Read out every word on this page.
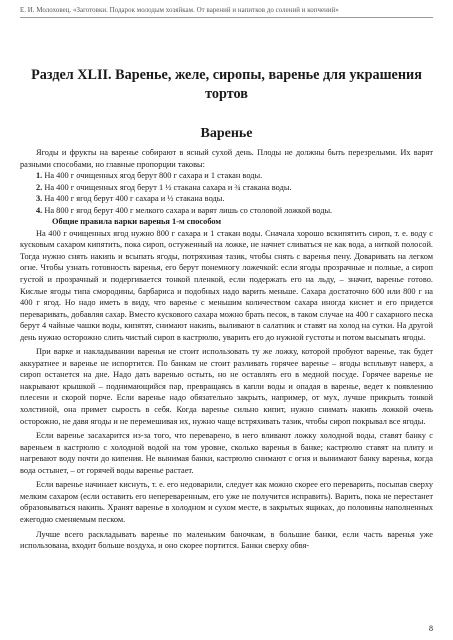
Е. И. Молоховец. «Заготовки. Подарок молодым хозяйкам. От варений и напитков до солений и копчений»
Раздел XLII. Варенье, желе, сиропы, варенье для украшения тортов
Варенье

Ягоды и фрукты на варенье собирают в ясный сухой день. Плоды не должны быть перезрелыми. Их варят разными способами, но главные пропорции таковы:

1. На 400 г очищенных ягод берут 800 г сахара и 1 стакан воды.

2. На 400 г очищенных ягод берут 1 ½ стакана сахара и ¾ стакана воды.

3. На 400 г ягод берут 400 г сахара и ½ стакана воды.

4. На 800 г ягод берут 400 г мелкого сахара и варят лишь со столовой ложкой воды.

Общие правила варки варенья 1-м способом

На 400 г очищенных ягод нужно 800 г сахара и 1 стакан воды. Сначала хорошо вскипятить сироп, т. е. воду с кусковым сахаром кипятить, пока сироп, остуженный на ложке, не начнет сливаться не как вода, а ниткой полосой. Тогда нужно снять накипь и всыпать ягоды, потряхивая тазик, чтобы снять с варенья пену. Доваривать на легком огне. Чтобы узнать готовность варенья, его берут понемногу ложечкой: если ягоды прозрачные и полные, а сироп густой и прозрачный и подергивается тонкой пленкой, если подержать его на льду, – значит, варенье готово. Кислые ягоды типа смородины, барбариса и подобных надо варить меньше. Сахара достаточно 600 или 800 г на 400 г ягод. Но надо иметь в виду, что варенье с меньшим количеством сахара иногда киснет и его придется переваривать, добавляя сахар. Вместо кускового сахара можно брать песок, в таком случае на 400 г сахарного песка берут 4 чайные чашки воды, кипятят, снимают накипь, выливают в салатник и ставят на холод на сутки. На другой день нужно осторожно слить чистый сироп в кастрюлю, уварить его до нужной густоты и потом высыпать ягоды.

При варке и накладывании варенья не стоит использовать ту же ложку, которой пробуют варенье, так будет аккуратнее и варенье не испортится. По банкам не стоит разливать горячее варенье – ягоды всплывут наверх, а сироп останется на дне. Надо дать варенью остыть, но не оставлять его в медной посуде. Горячее варенье не накрывают крышкой – поднимающийся пар, превращаясь в капли воды и опадая в варенье, ведет к появлению плесени и скорой порче. Если варенье надо обязательно закрыть, например, от мух, лучше прикрыть тонкой холстиной, она примет сырость в себя. Когда варенье сильно кипит, нужно снимать накипь ложкой очень осторожно, не давя ягоды и не перемешивая их, нужно чаще встряхивать тазик, чтобы сироп покрывал все ягоды.

Если варенье засахарится из-за того, что переварено, в него вливают ложку холодной воды, ставят банку с вареньем в кастрюлю с холодной водой на том уровне, сколько варенья в банке; кастрюлю ставят на плиту и нагревают воду почти до кипения. Не вынимая банки, кастрюлю снимают с огня и вынимают банку варенья, когда вода остынет, – от горячей воды варенье растает.

Если варенье начинает киснуть, т. е. его недоварили, следует как можно скорее его переварить, посыпав сверху мелким сахаром (если оставить его непереваренным, его уже не получится исправить). Варить, пока не перестанет образовываться накипь. Хранят варенье в холодном и сухом месте, в закрытых ящиках, до половины наполненных ежегодно сменяемым песком.

Лучше всего раскладывать варенье по маленьким баночкам, в большие банки, если часть варенья уже использована, входит больше воздуха, и оно скорее портится. Банки сверху обвя-

8
